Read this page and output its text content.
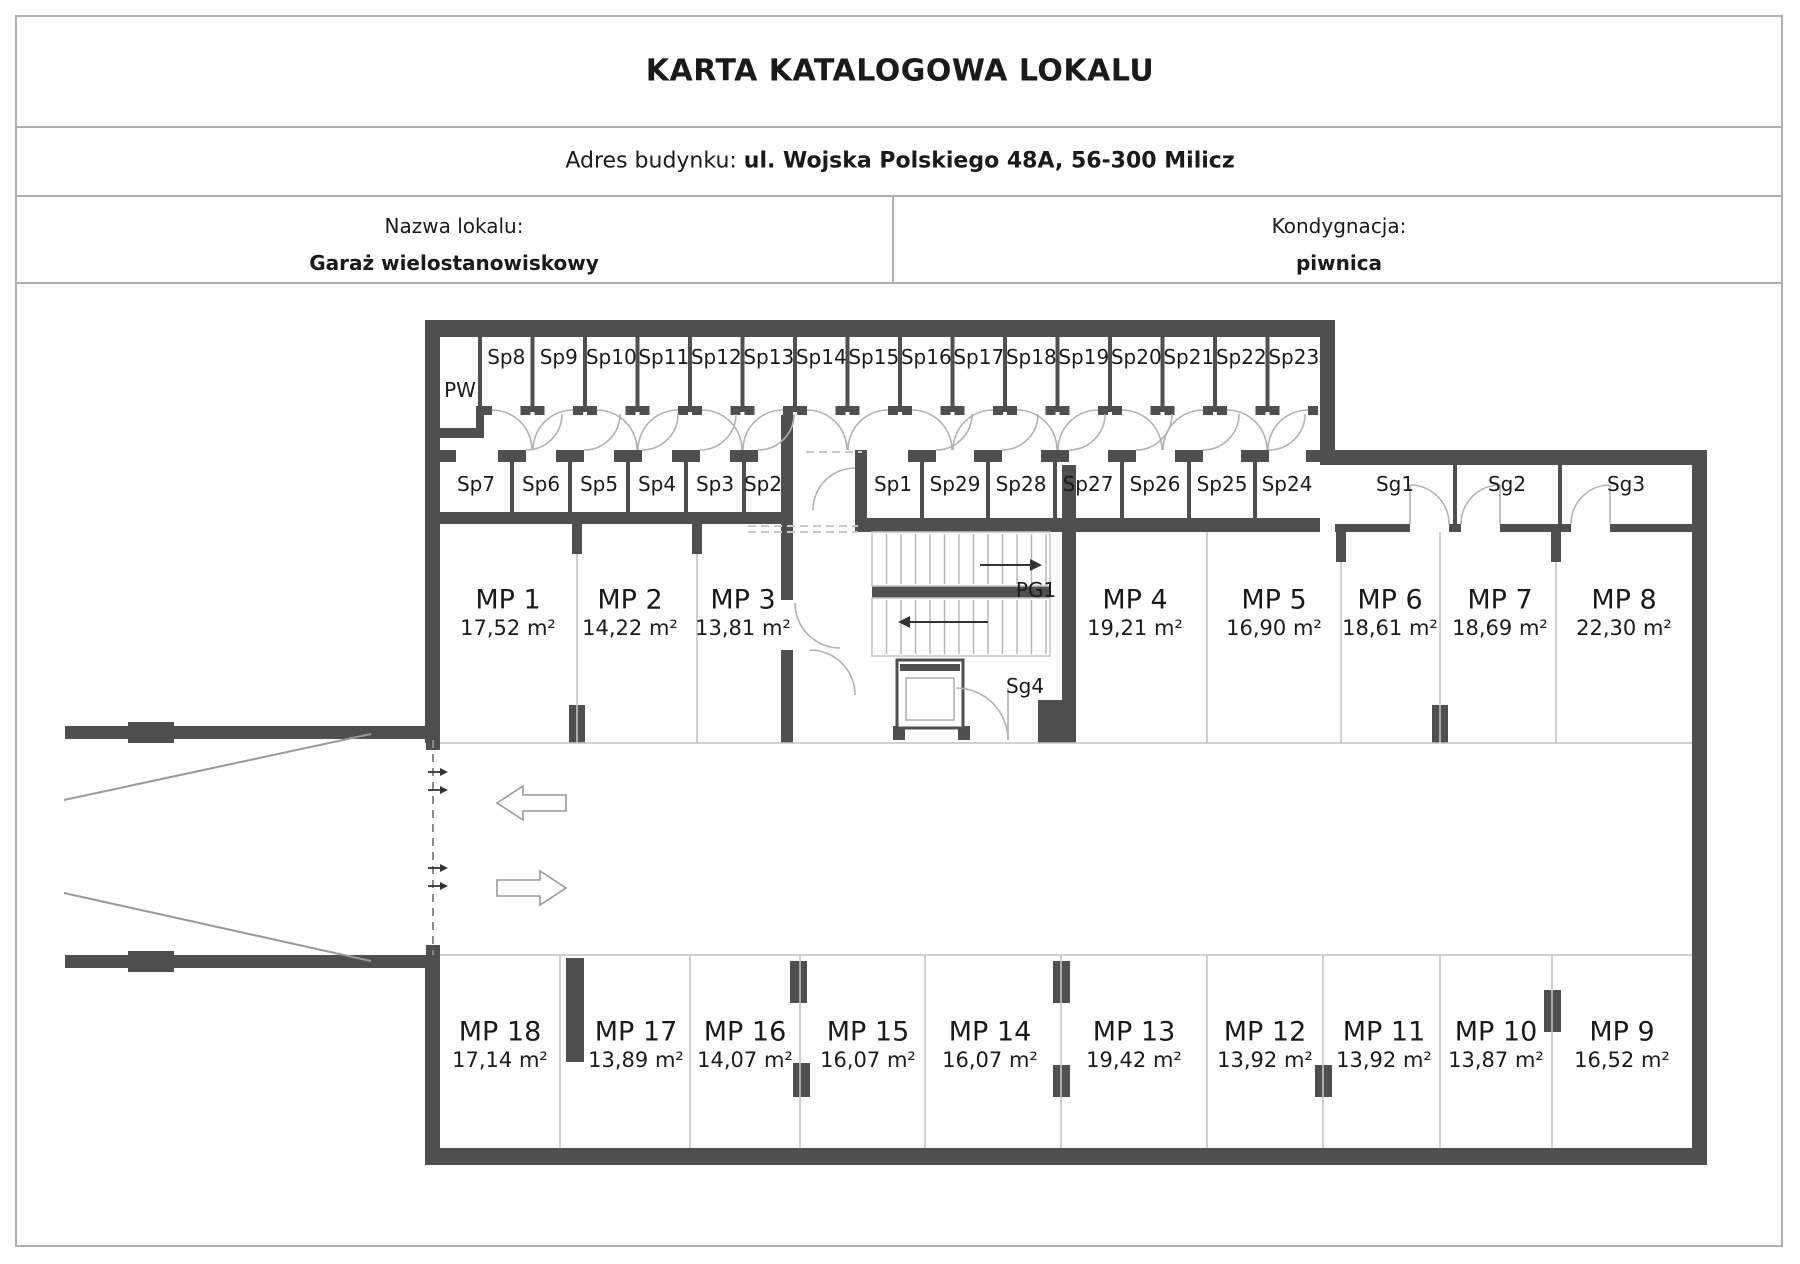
KARTA KATALOGOWA LOKALU
Adres budynku: ul. Wojska Polskiego 48A, 56-300 Milicz
Nazwa lokalu:
Garaż wielostanowiskowy
Kondygnacja:
piwnica
PW
PG1
Sg4
Sp8 Sp9 Sp10 Sp11 Sp12 Sp13 Sp14 Sp15 Sp16 Sp17 Sp18 Sp19 Sp20 Sp21 Sp22 Sp23
Sp7 Sp6 Sp5 Sp4 Sp3 Sp2	Sp1 Sp29 Sp28 Sp27 Sp26 Sp25 Sp24	Sg1	Sg2	Sg3
MP 1
17,52 m²
MP 2
14,22 m²
MP 3
13,81 m²
MP 4
19,21 m²
MP 5
16,90 m²
MP 6
18,61 m²
MP 7
18,69 m²
MP 8
22,30 m²
MP 18
17,14 m²
MP 17
13,89 m²
MP 16
14,07 m²
MP 15
16,07 m²
MP 14
16,07 m²
MP 13
19,42 m²
MP 12
13,92 m²
MP 11
13,92 m²
MP 10
13,87 m²
MP 9
16,52 m²
